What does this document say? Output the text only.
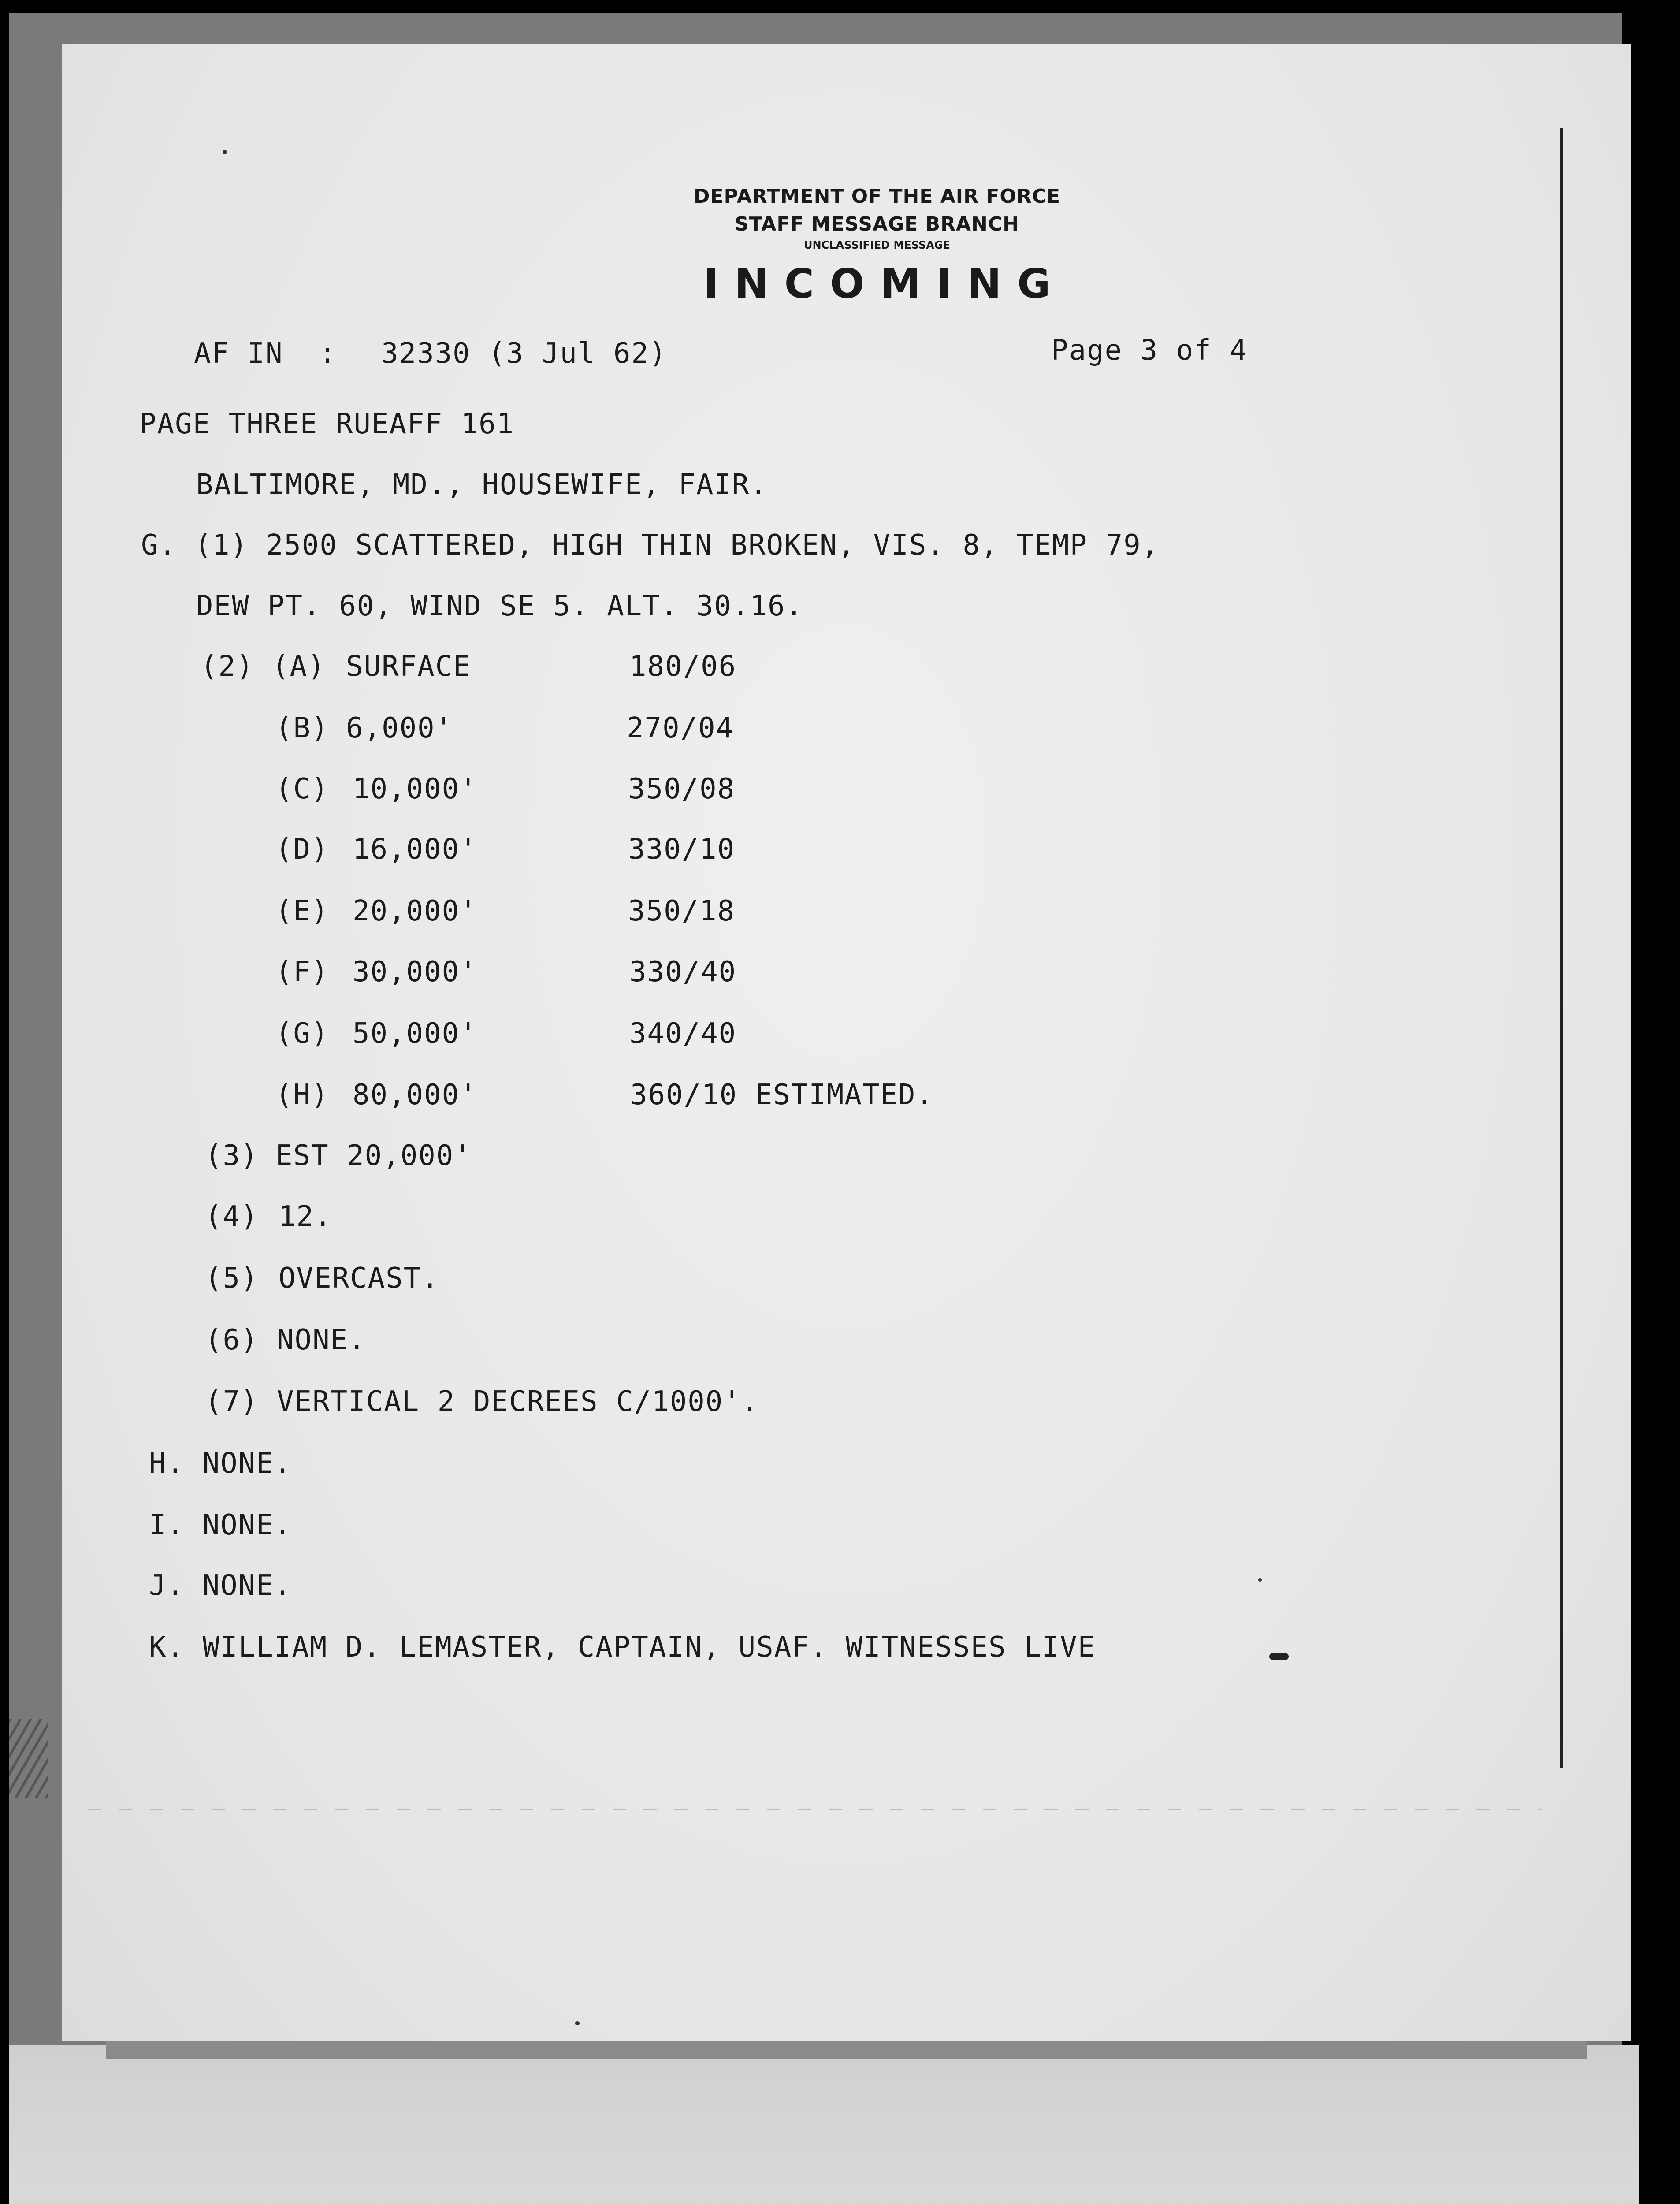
DEPARTMENT OF THE AIR FORCE
STAFF MESSAGE BRANCH
UNCLASSIFIED MESSAGE
INCOMING
AF IN  : 32330 (3 Jul 62)	Page 3 of 4
PAGE THREE RUEAFF 161
BALTIMORE, MD., HOUSEWIFE, FAIR.
G. (1) 2500 SCATTERED, HIGH THIN BROKEN, VIS. 8, TEMP 79,
DEW PT. 60, WIND SE 5. ALT. 30.16.
(2) (A) SURFACE	180/06
(B) 6,000'	270/04
(C) 10,000'	350/08
(D) 16,000'	330/10
(E) 20,000'	350/18
(F) 30,000'	330/40
(G) 50,000'	340/40
(H) 80,000'	360/10 ESTIMATED.
(3) EST 20,000'
(4) 12.
(5) OVERCAST.
(6) NONE.
(7) VERTICAL 2 DECREES C/1000'.
H. NONE.
I. NONE.
J. NONE.
K. WILLIAM D. LEMASTER, CAPTAIN, USAF. WITNESSES LIVE
